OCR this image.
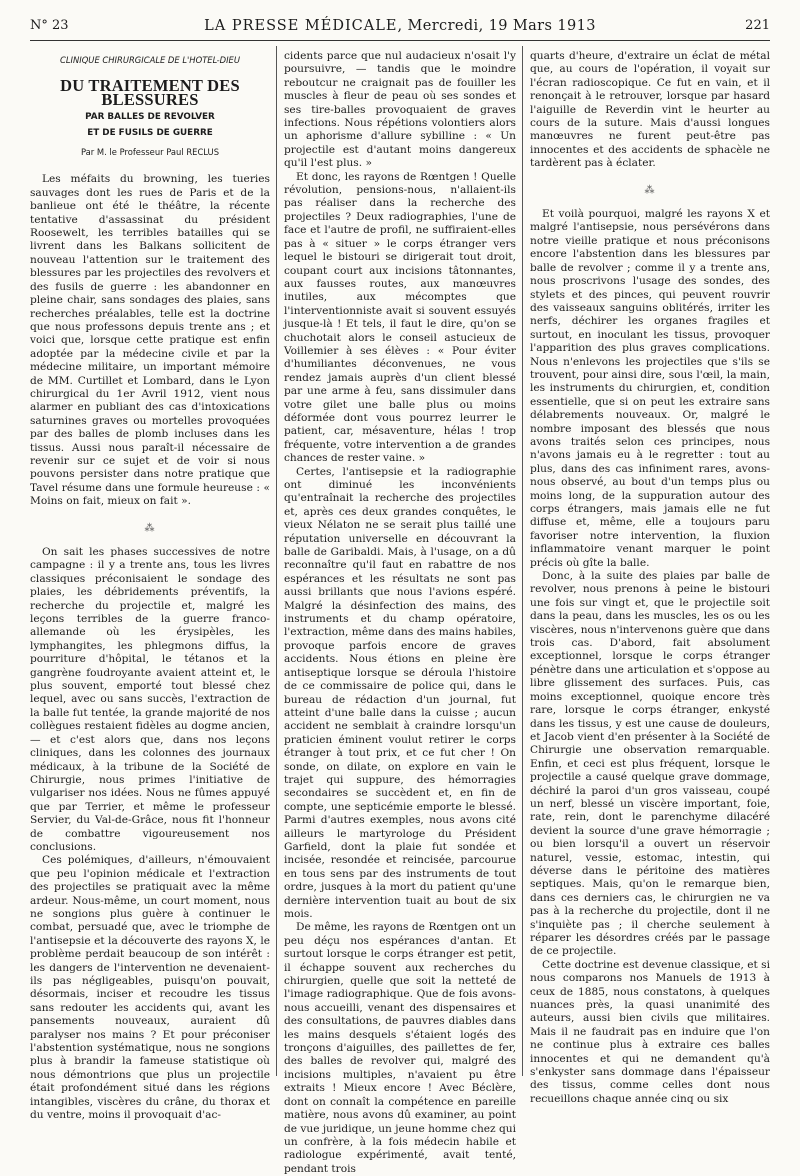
N° 23	LA PRESSE MÉDICALE, Mercredi, 19 Mars 1913	221
CLINIQUE CHIRURGICALE DE L'HOTEL-DIEU
DU TRAITEMENT DES BLESSURES
PAR BALLES DE REVOLVER
ET DE FUSILS DE GUERRE
Par M. le Professeur Paul RECLUS

Les méfaits du browning, les tueries sauvages dont les rues de Paris et de la banlieue ont été le théâtre, la récente tentative d'assassinat du président Roosewelt, les terribles batailles qui se livrent dans les Balkans sollicitent de nouveau l'attention sur le traitement des blessures par les projectiles des revolvers et des fusils de guerre : les abandonner en pleine chair, sans sondages des plaies, sans recherches préalables, telle est la doctrine que nous professons depuis trente ans ; et voici que, lorsque cette pratique est enfin adoptée par la médecine civile et par la médecine militaire, un important mémoire de MM. Curtillet et Lombard, dans le Lyon chirurgical du 1er Avril 1912, vient nous alarmer en publiant des cas d'intoxications saturnines graves ou mortelles provoquées par des balles de plomb incluses dans les tissus. Aussi nous paraît-il nécessaire de revenir sur ce sujet et de voir si nous pouvons persister dans notre pratique que Tavel résume dans une formule heureuse : « Moins on fait, mieux on fait ».

⁂

On sait les phases successives de notre campagne : il y a trente ans, tous les livres classiques préconisaient le sondage des plaies, les débridements préventifs, la recherche du projectile et, malgré les leçons terribles de la guerre franco-allemande où les érysipèles, les lymphangites, les phlegmons diffus, la pourriture d'hôpital, le tétanos et la gangrène foudroyante avaient atteint et, le plus souvent, emporté tout blessé chez lequel, avec ou sans succès, l'extraction de la balle fut tentée, la grande majorité de nos collègues restaient fidèles au dogme ancien, — et c'est alors que, dans nos leçons cliniques, dans les colonnes des journaux médicaux, à la tribune de la Société de Chirurgie, nous primes l'initiative de vulgariser nos idées. Nous ne fûmes appuyé que par Terrier, et même le professeur Servier, du Val-de-Grâce, nous fit l'honneur de combattre vigoureusement nos conclusions.

Ces polémiques, d'ailleurs, n'émouvaient que peu l'opinion médicale et l'extraction des projectiles se pratiquait avec la même ardeur. Nous-même, un court moment, nous ne songions plus guère à continuer le combat, persuadé que, avec le triomphe de l'antisepsie et la découverte des rayons X, le problème perdait beaucoup de son intérêt : les dangers de l'intervention ne devenaient-ils pas négligeables, puisqu'on pouvait, désormais, inciser et recoudre les tissus sans redouter les accidents qui, avant les pansements nouveaux, auraient dû paralyser nos mains ? Et pour préconiser l'abstention systématique, nous ne songions plus à brandir la fameuse statistique où nous démontrions que plus un projectile était profondément situé dans les régions intangibles, viscères du crâne, du thorax et du ventre, moins il provoquait d'ac-

cidents parce que nul audacieux n'osait l'y poursuivre, — tandis que le moindre reboutcur ne craignait pas de fouiller les muscles à fleur de peau où ses sondes et ses tire-balles provoquaient de graves infections. Nous répétions volontiers alors un aphorisme d'allure sybilline : « Un projectile est d'autant moins dangereux qu'il l'est plus. »

Et donc, les rayons de Rœntgen ! Quelle révolution, pensions-nous, n'allaient-ils pas réaliser dans la recherche des projectiles ? Deux radiographies, l'une de face et l'autre de profil, ne suffiraient-elles pas à « situer » le corps étranger vers lequel le bistouri se dirigerait tout droit, coupant court aux incisions tâtonnantes, aux fausses routes, aux manœuvres inutiles, aux mécomptes que l'interventionniste avait si souvent essuyés jusque-là ! Et tels, il faut le dire, qu'on se chuchotait alors le conseil astucieux de Voillemier à ses élèves : « Pour éviter d'humiliantes déconvenues, ne vous rendez jamais auprès d'un client blessé par une arme à feu, sans dissimuler dans votre gilet une balle plus ou moins déformée dont vous pourrez leurrer le patient, car, mésaventure, hélas ! trop fréquente, votre intervention a de grandes chances de rester vaine. »

Certes, l'antisepsie et la radiographie ont diminué les inconvénients qu'entraînait la recherche des projectiles et, après ces deux grandes conquêtes, le vieux Nélaton ne se serait plus taillé une réputation universelle en découvrant la balle de Garibaldi. Mais, à l'usage, on a dû reconnaître qu'il faut en rabattre de nos espérances et les résultats ne sont pas aussi brillants que nous l'avions espéré. Malgré la désinfection des mains, des instruments et du champ opératoire, l'extraction, même dans des mains habiles, provoque parfois encore de graves accidents. Nous étions en pleine ère antiseptique lorsque se déroula l'histoire de ce commissaire de police qui, dans le bureau de rédaction d'un journal, fut atteint d'une balle dans la cuisse ; aucun accident ne semblait à craindre lorsqu'un praticien éminent voulut retirer le corps étranger à tout prix, et ce fut cher ! On sonde, on dilate, on explore en vain le trajet qui suppure, des hémorragies secondaires se succèdent et, en fin de compte, une septicémie emporte le blessé. Parmi d'autres exemples, nous avons cité ailleurs le martyrologe du Président Garfield, dont la plaie fut sondée et incisée, resondée et reincisée, parcourue en tous sens par des instruments de tout ordre, jusques à la mort du patient qu'une dernière intervention tuait au bout de six mois.

De même, les rayons de Rœntgen ont un peu déçu nos espérances d'antan. Et surtout lorsque le corps étranger est petit, il échappe souvent aux recherches du chirurgien, quelle que soit la netteté de l'image radiographique. Que de fois avons-nous accueilli, venant des dispensaires et des consultations, de pauvres diables dans les mains desquels s'étaient logés des tronçons d'aiguilles, des paillettes de fer, des balles de revolver qui, malgré des incisions multiples, n'avaient pu être extraits ! Mieux encore ! Avec Béclère, dont on connaît la compétence en pareille matière, nous avons dû examiner, au point de vue juridique, un jeune homme chez qui un confrère, à la fois médecin habile et radiologue expérimenté, avait tenté, pendant trois

quarts d'heure, d'extraire un éclat de métal que, au cours de l'opération, il voyait sur l'écran radioscopique. Ce fut en vain, et il renonçait à le retrouver, lorsque par hasard l'aiguille de Reverdin vint le heurter au cours de la suture. Mais d'aussi longues manœuvres ne furent peut-être pas innocentes et des accidents de sphacèle ne tardèrent pas à éclater.

⁂

Et voilà pourquoi, malgré les rayons X et malgré l'antisepsie, nous persévérons dans notre vieille pratique et nous préconisons encore l'abstention dans les blessures par balle de revolver ; comme il y a trente ans, nous proscrivons l'usage des sondes, des stylets et des pinces, qui peuvent rouvrir des vaisseaux sanguins oblitérés, irriter les nerfs, déchirer les organes fragiles et surtout, en inoculant les tissus, provoquer l'apparition des plus graves complications. Nous n'enlevons les projectiles que s'ils se trouvent, pour ainsi dire, sous l'œil, la main, les instruments du chirurgien, et, condition essentielle, que si on peut les extraire sans délabrements nouveaux. Or, malgré le nombre imposant des blessés que nous avons traités selon ces principes, nous n'avons jamais eu à le regretter : tout au plus, dans des cas infiniment rares, avons-nous observé, au bout d'un temps plus ou moins long, de la suppuration autour des corps étrangers, mais jamais elle ne fut diffuse et, même, elle a toujours paru favoriser notre intervention, la fluxion inflammatoire venant marquer le point précis où gîte la balle.

Donc, à la suite des plaies par balle de revolver, nous prenons à peine le bistouri une fois sur vingt et, que le projectile soit dans la peau, dans les muscles, les os ou les viscères, nous n'intervenons guère que dans trois cas. D'abord, fait absolument exceptionnel, lorsque le corps étranger pénètre dans une articulation et s'oppose au libre glissement des surfaces. Puis, cas moins exceptionnel, quoique encore très rare, lorsque le corps étranger, enkysté dans les tissus, y est une cause de douleurs, et Jacob vient d'en présenter à la Société de Chirurgie une observation remarquable. Enfin, et ceci est plus fréquent, lorsque le projectile a causé quelque grave dommage, déchiré la paroi d'un gros vaisseau, coupé un nerf, blessé un viscère important, foie, rate, rein, dont le parenchyme dilacéré devient la source d'une grave hémorragie ; ou bien lorsqu'il a ouvert un réservoir naturel, vessie, estomac, intestin, qui déverse dans le péritoine des matières septiques. Mais, qu'on le remarque bien, dans ces derniers cas, le chirurgien ne va pas à la recherche du projectile, dont il ne s'inquiète pas ; il cherche seulement à réparer les désordres créés par le passage de ce projectile.

Cette doctrine est devenue classique, et si nous comparons nos Manuels de 1913 à ceux de 1885, nous constatons, à quelques nuances près, la quasi unanimité des auteurs, aussi bien civils que militaires. Mais il ne faudrait pas en induire que l'on ne continue plus à extraire ces balles innocentes et qui ne demandent qu'à s'enkyster sans dommage dans l'épaisseur des tissus, comme celles dont nous recueillons chaque année cinq ou six
